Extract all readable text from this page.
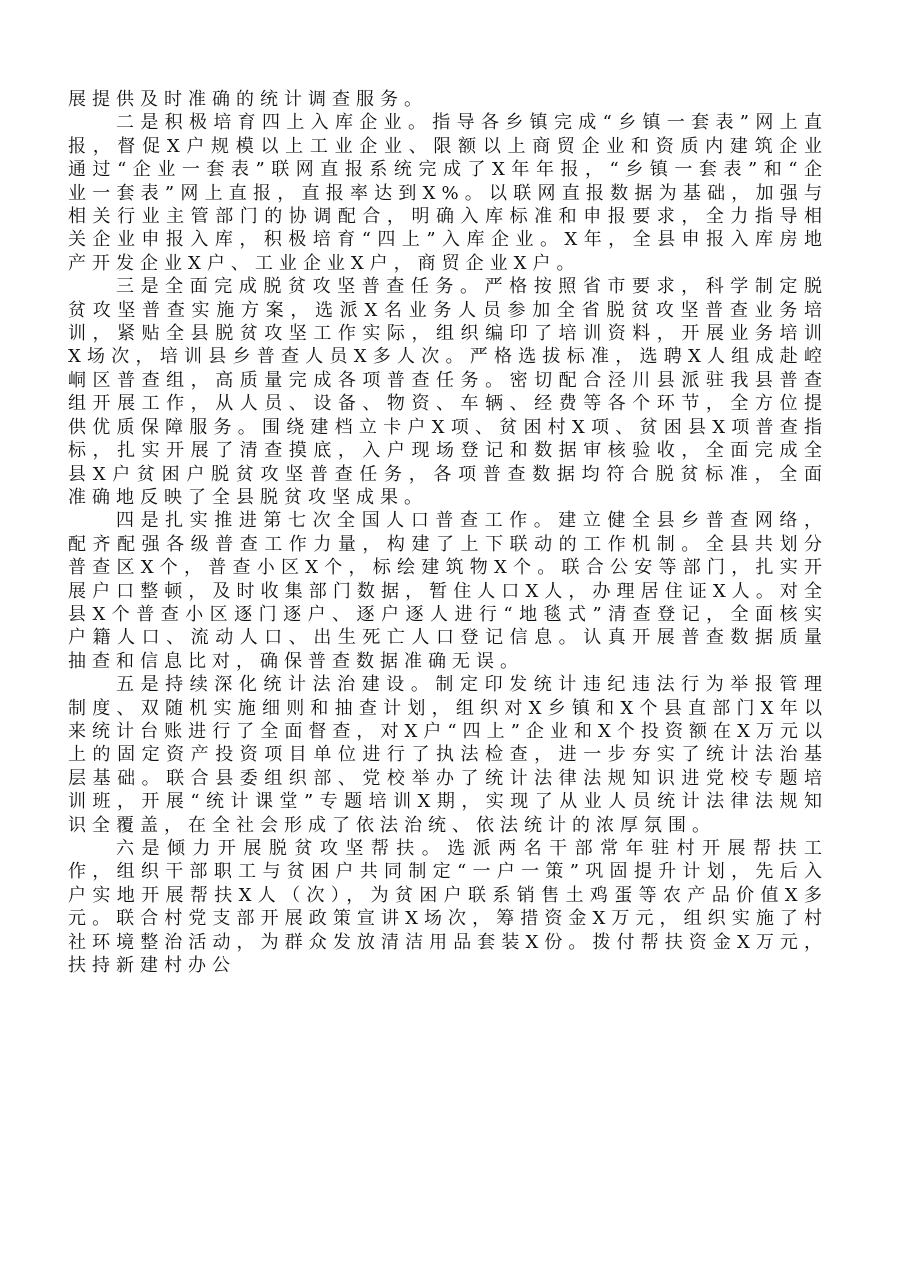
展提供及时准确的统计调查服务。

二是积极培育四上入库企业。指导各乡镇完成“乡镇一套表”网上直报，督促X户规模以上工业企业、限额以上商贸企业和资质内建筑企业通过“企业一套表”联网直报系统完成了X年年报，“乡镇一套表”和“企业一套表”网上直报，直报率达到X%。以联网直报数据为基础，加强与相关行业主管部门的协调配合，明确入库标准和申报要求，全力指导相关企业申报入库，积极培育“四上”入库企业。X年，全县申报入库房地产开发企业X户、工业企业X户，商贸企业X户。

三是全面完成脱贫攻坚普查任务。严格按照省市要求，科学制定脱贫攻坚普查实施方案，选派X名业务人员参加全省脱贫攻坚普查业务培训，紧贴全县脱贫攻坚工作实际，组织编印了培训资料，开展业务培训X场次，培训县乡普查人员X多人次。严格选拔标准，选聘X人组成赴崆峒区普查组，高质量完成各项普查任务。密切配合泾川县派驻我县普查组开展工作，从人员、设备、物资、车辆、经费等各个环节，全方位提供优质保障服务。围绕建档立卡户X项、贫困村X项、贫困县X项普查指标，扎实开展了清查摸底，入户现场登记和数据审核验收，全面完成全县X户贫困户脱贫攻坚普查任务，各项普查数据均符合脱贫标准，全面准确地反映了全县脱贫攻坚成果。

四是扎实推进第七次全国人口普查工作。建立健全县乡普查网络，配齐配强各级普查工作力量，构建了上下联动的工作机制。全县共划分普查区X个，普查小区X个，标绘建筑物X个。联合公安等部门，扎实开展户口整顿，及时收集部门数据，暂住人口X人，办理居住证X人。对全县X个普查小区逐门逐户、逐户逐人进行“地毯式”清查登记，全面核实户籍人口、流动人口、出生死亡人口登记信息。认真开展普查数据质量抽查和信息比对，确保普查数据准确无误。

五是持续深化统计法治建设。制定印发统计违纪违法行为举报管理制度、双随机实施细则和抽查计划，组织对X乡镇和X个县直部门X年以来统计台账进行了全面督查，对X户“四上”企业和X个投资额在X万元以上的固定资产投资项目单位进行了执法检查，进一步夯实了统计法治基层基础。联合县委组织部、党校举办了统计法律法规知识进党校专题培训班，开展“统计课堂”专题培训X期，实现了从业人员统计法律法规知识全覆盖，在全社会形成了依法治统、依法统计的浓厚氛围。

六是倾力开展脱贫攻坚帮扶。选派两名干部常年驻村开展帮扶工作，组织干部职工与贫困户共同制定“一户一策”巩固提升计划，先后入户实地开展帮扶X人（次），为贫困户联系销售土鸡蛋等农产品价值X多元。联合村党支部开展政策宣讲X场次，筹措资金X万元，组织实施了村社环境整治活动，为群众发放清洁用品套装X份。拨付帮扶资金X万元，扶持新建村办公
